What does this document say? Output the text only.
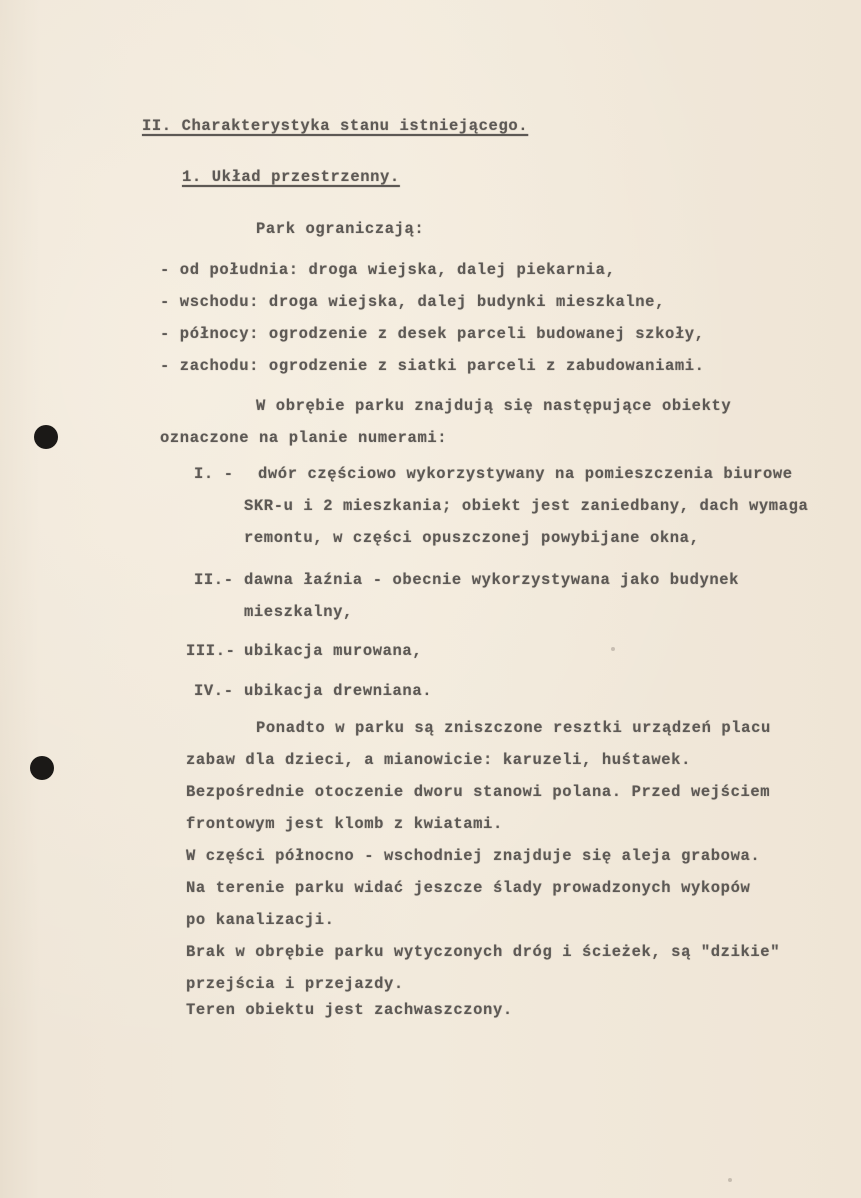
II. Charakterystyka stanu istniejącego.
1. Układ przestrzenny.
Park ograniczają:
- od południa: droga wiejska, dalej piekarnia,
- wschodu: droga wiejska, dalej budynki mieszkalne,
- północy: ogrodzenie z desek parceli budowanej szkoły,
- zachodu: ogrodzenie z siatki parceli z zabudowaniami.
W obrębie parku znajdują się następujące obiekty
oznaczone na planie numerami:
I. - dwór częściowo wykorzystywany na pomieszczenia biurowe
SKR-u i 2 mieszkania; obiekt jest zaniedbany, dach wymaga
remontu, w części opuszczonej powybijane okna,
II.- dawna łaźnia - obecnie wykorzystywana jako budynek
mieszkalny,
III.- ubikacja murowana,
IV.- ubikacja drewniana.
Ponadto w parku są zniszczone resztki urządzeń placu
zabaw dla dzieci, a mianowicie: karuzeli, huśtawek.
Bezpośrednie otoczenie dworu stanowi polana. Przed wejściem
frontowym jest klomb z kwiatami.
W części północno - wschodniej znajduje się aleja grabowa.
Na terenie parku widać jeszcze ślady prowadzonych wykopów
po kanalizacji.
Brak w obrębie parku wytyczonych dróg i ścieżek, są "dzikie"
przejścia i przejazdy.
Teren obiektu jest zachwaszczony.
